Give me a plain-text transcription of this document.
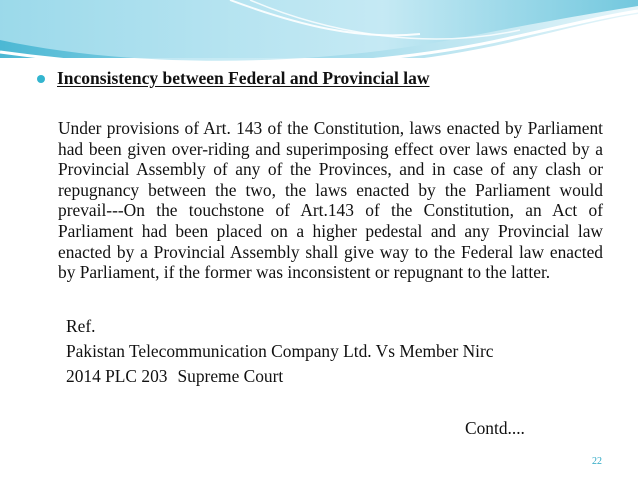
Inconsistency between Federal and Provincial law

Under provisions of Art. 143 of the Constitution, laws enacted by Parliament had been given over-riding and superimposing effect over laws enacted by a Provincial Assembly of any of the Provinces, and in case of any clash or repugnancy between the two, the laws enacted by the Parliament would prevail---On the touchstone of Art.143 of the Constitution, an Act of Parliament had been placed on a higher pedestal and any Provincial law enacted by a Provincial Assembly shall give way to the Federal law enacted by Parliament, if the former was inconsistent or repugnant to the latter.

Ref.

Pakistan Telecommunication Company Ltd. Vs Member Nirc

2014 PLC 203 Supreme Court

Contd....

22
